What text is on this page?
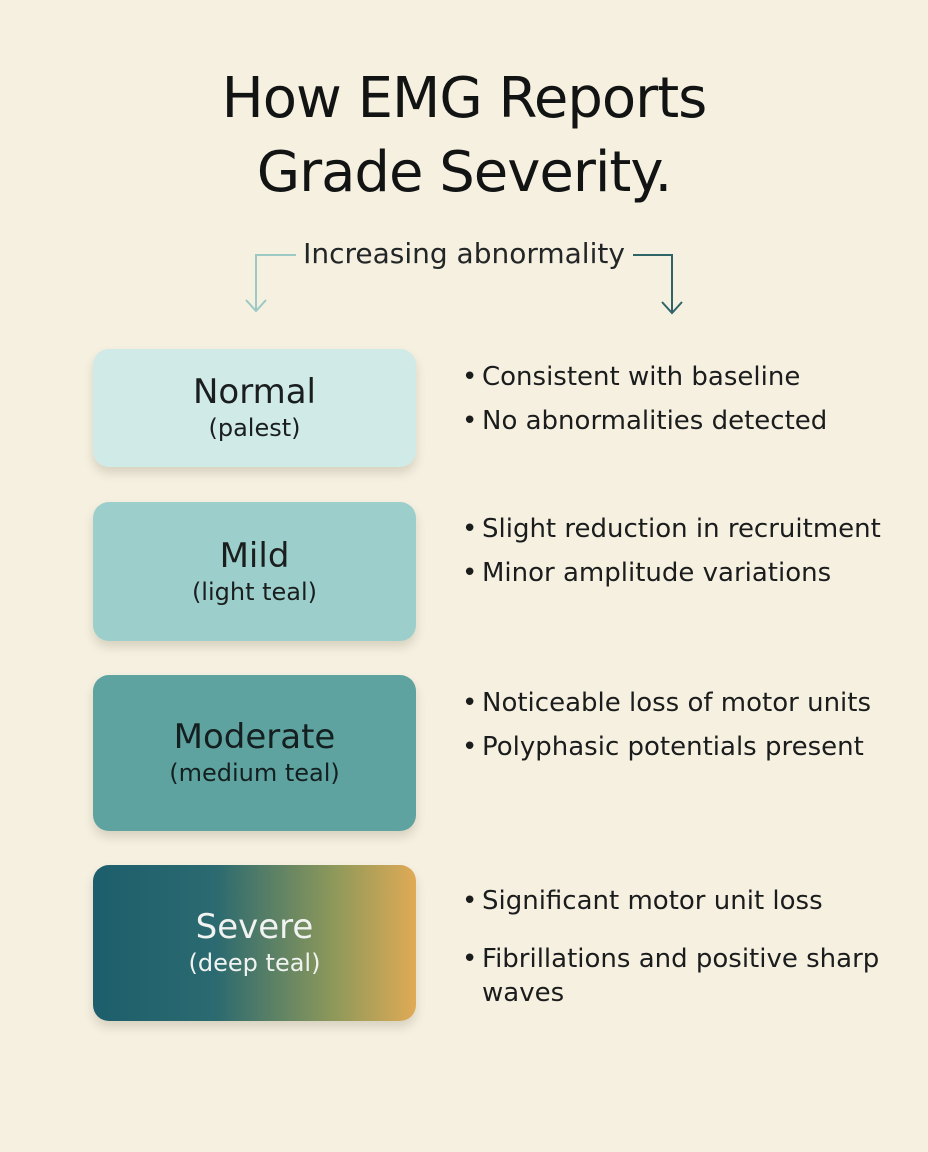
How EMG Reports
Grade Severity.
Increasing abnormality
Normal
(palest)
• Consistent with baseline
• No abnormalities detected
Mild
(light teal)
• Slight reduction in recruitment
• Minor amplitude variations
Moderate
(medium teal)
• Noticeable loss of motor units
• Polyphasic potentials present
Severe
(deep teal)
• Significant motor unit loss
• Fibrillations and positive sharp waves
